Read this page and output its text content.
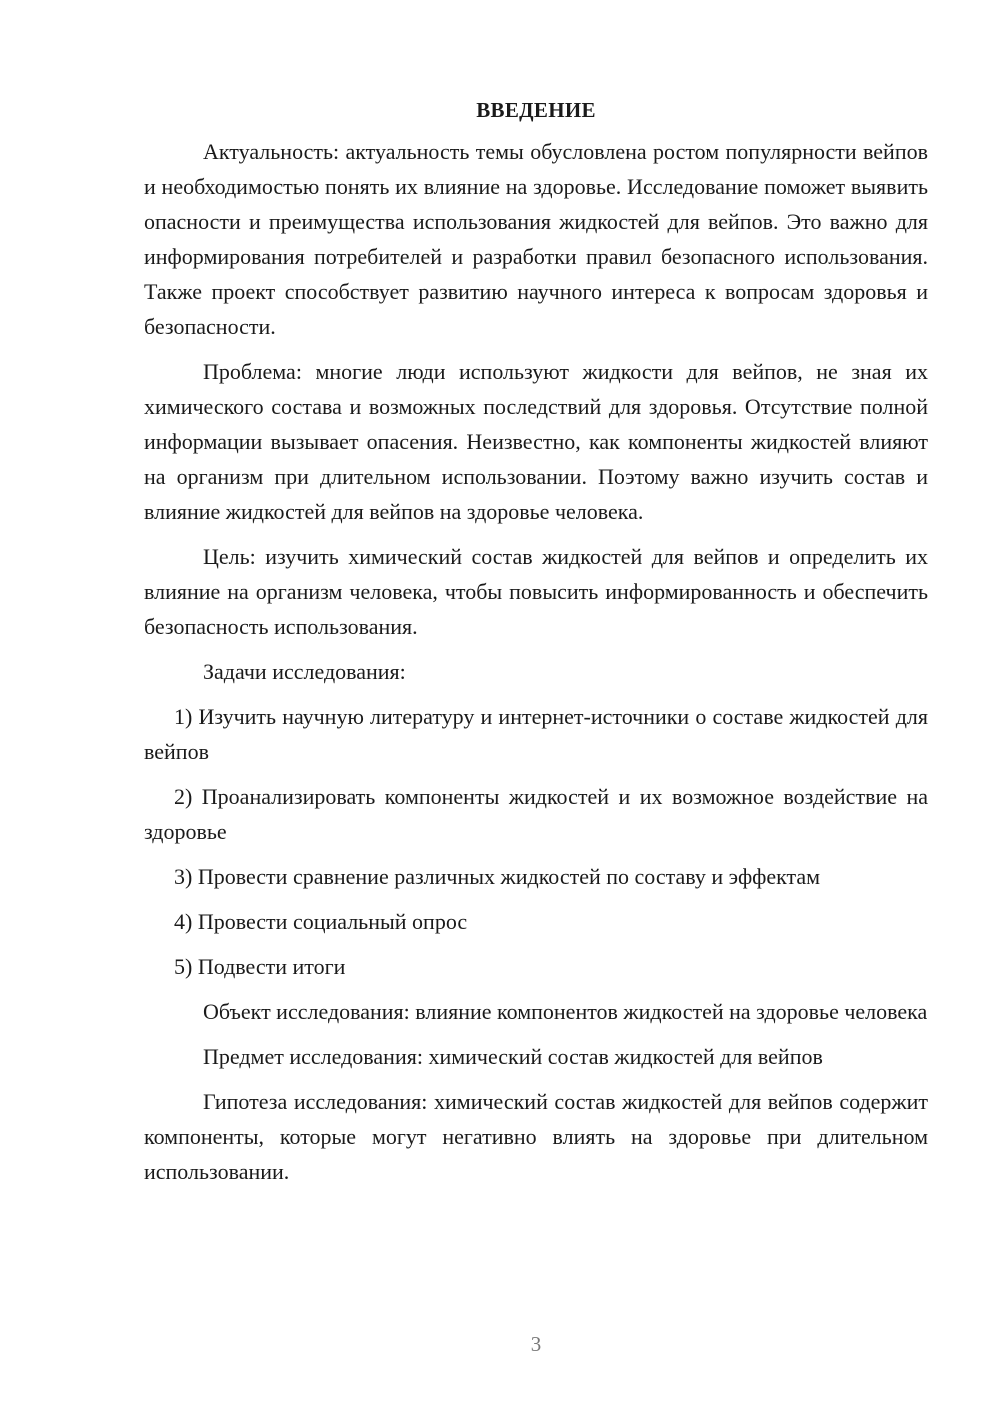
ВВЕДЕНИЕ

Актуальность: актуальность темы обусловлена ростом популярности вейпов и необходимостью понять их влияние на здоровье. Исследование поможет выявить опасности и преимущества использования жидкостей для вейпов. Это важно для информирования потребителей и разработки правил безопасного использования. Также проект способствует развитию научного интереса к вопросам здоровья и безопасности.

Проблема: многие люди используют жидкости для вейпов, не зная их химического состава и возможных последствий для здоровья. Отсутствие полной информации вызывает опасения. Неизвестно, как компоненты жидкостей влияют на организм при длительном использовании. Поэтому важно изучить состав и влияние жидкостей для вейпов на здоровье человека.

Цель: изучить химический состав жидкостей для вейпов и определить их влияние на организм человека, чтобы повысить информированность и обеспечить безопасность использования.

Задачи исследования:

1) Изучить научную литературу и интернет-источники о составе жидкостей для вейпов

2) Проанализировать компоненты жидкостей и их возможное воздействие на здоровье

3) Провести сравнение различных жидкостей по составу и эффектам

4) Провести социальный опрос

5) Подвести итоги

Объект исследования: влияние компонентов жидкостей на здоровье человека

Предмет исследования: химический состав жидкостей для вейпов

Гипотеза исследования: химический состав жидкостей для вейпов содержит компоненты, которые могут негативно влиять на здоровье при длительном использовании.

3
